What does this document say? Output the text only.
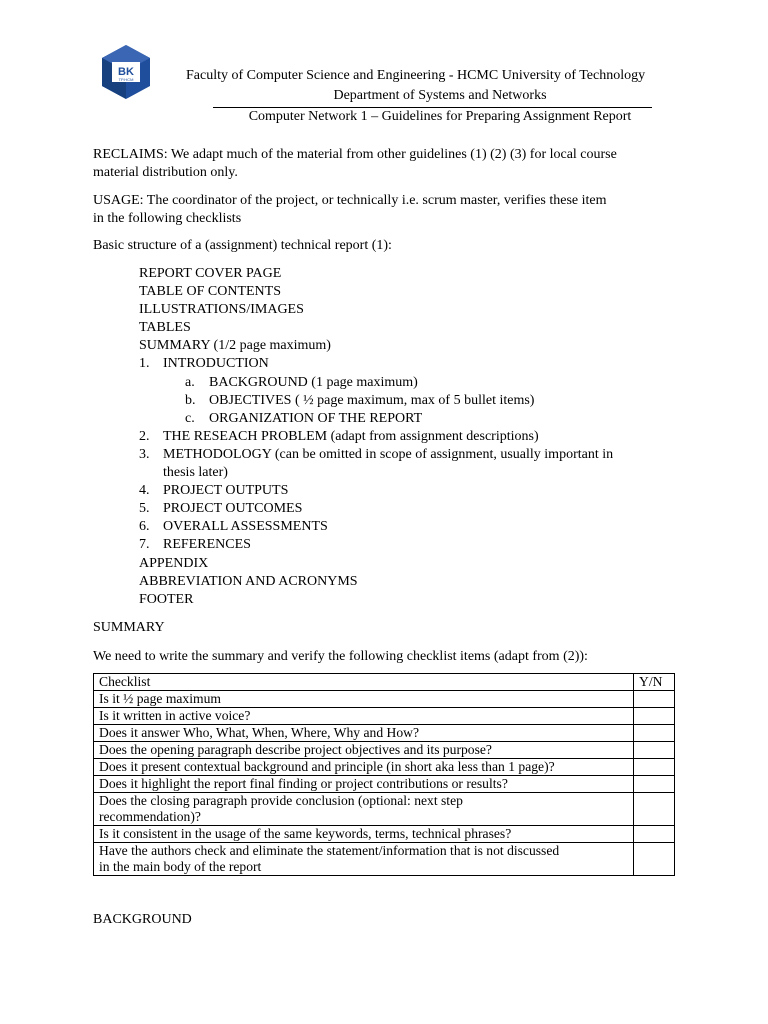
BK
TP.HCM	Faculty of Computer Science and Engineering - HCMC University of Technology
Department of Systems and Networks
Computer Network 1 – Guidelines for Preparing Assignment Report
RECLAIMS: We adapt much of the material from other guidelines (1) (2) (3) for local course
material distribution only.
USAGE: The coordinator of the project, or technically i.e. scrum master, verifies these item
in the following checklists
Basic structure of a (assignment) technical report (1):
REPORT COVER PAGE
TABLE OF CONTENTS
ILLUSTRATIONS/IMAGES
TABLES
SUMMARY (1/2 page maximum)
1. INTRODUCTION
a. BACKGROUND (1 page maximum)
b. OBJECTIVES ( ½ page maximum, max of 5 bullet items)
c. ORGANIZATION OF THE REPORT
2. THE RESEACH PROBLEM (adapt from assignment descriptions)
3. METHODOLOGY (can be omitted in scope of assignment, usually important in
thesis later)
4. PROJECT OUTPUTS
5. PROJECT OUTCOMES
6. OVERALL ASSESSMENTS
7. REFERENCES
APPENDIX
ABBREVIATION AND ACRONYMS
FOOTER
SUMMARY
We need to write the summary and verify the following checklist items (adapt from (2)):
Checklist	Y/N
Is it ½ page maximum	
Is it written in active voice?	
Does it answer Who, What, When, Where, Why and How?	
Does the opening paragraph describe project objectives and its purpose?	
Does it present contextual background and principle (in short aka less than 1 page)?	
Does it highlight the report final finding or project contributions or results?	
Does the closing paragraph provide conclusion (optional: next step
recommendation)?	
Is it consistent in the usage of the same keywords, terms, technical phrases?	
Have the authors check and eliminate the statement/information that is not discussed
in the main body of the report	
BACKGROUND
